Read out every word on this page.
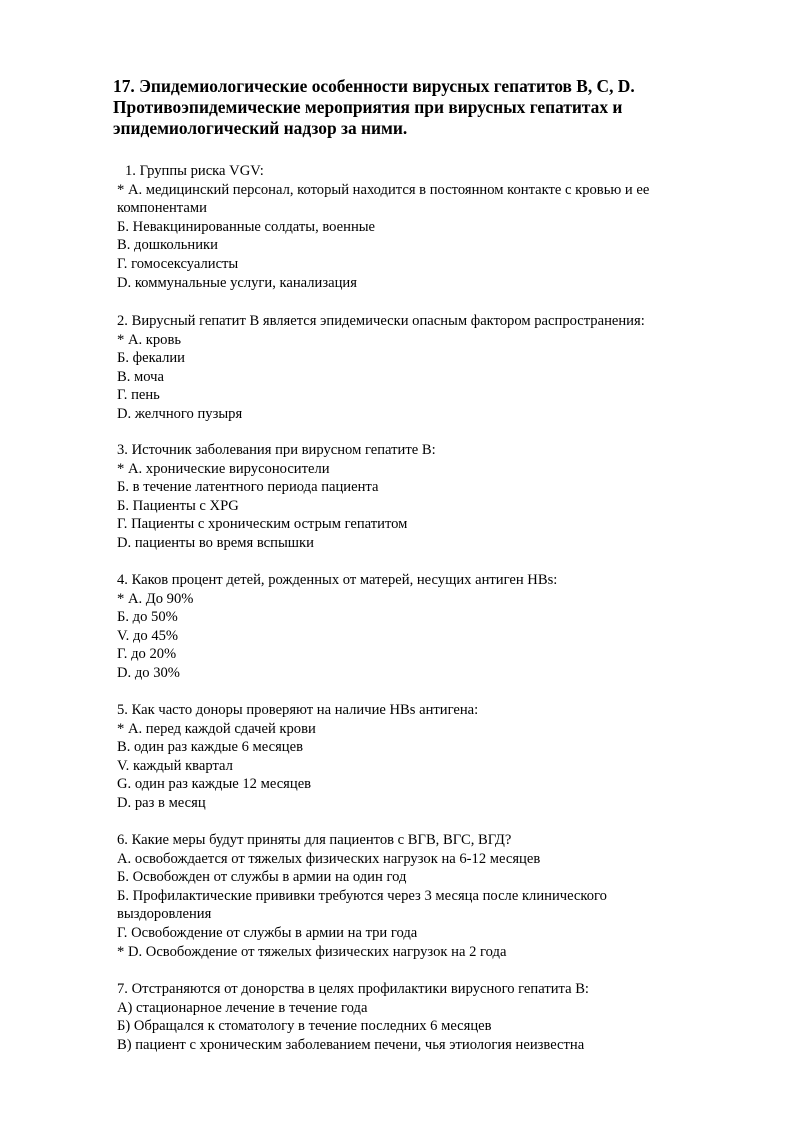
17. Эпидемиологические особенности вирусных гепатитов B, C, D.
Противоэпидемические мероприятия при вирусных гепатитах и
эпидемиологический надзор за ними.
1. Группы риска VGV:
* А. медицинский персонал, который находится в постоянном контакте с кровью и ее
компонентами
Б. Невакцинированные солдаты, военные
В. дошкольники
Г. гомосексуалисты
D. коммунальные услуги, канализация
2. Вирусный гепатит В является эпидемически опасным фактором распространения:
* А. кровь
Б. фекалии
В. моча
Г. пень
D. желчного пузыря
3. Источник заболевания при вирусном гепатите В:
* А. хронические вирусоносители
Б. в течение латентного периода пациента
Б. Пациенты с ХРG
Г. Пациенты с хроническим острым гепатитом
D. пациенты во время вспышки
4. Каков процент детей, рожденных от матерей, несущих антиген HBs:
* А. До 90%
Б. до 50%
V. до 45%
Г. до 20%
D. до 30%
5. Как часто доноры проверяют на наличие HBs антигена:
* А. перед каждой сдачей крови
В. один раз каждые 6 месяцев
V. каждый квартал
G. один раз каждые 12 месяцев
D. раз в месяц
6. Какие меры будут приняты для пациентов с ВГВ, ВГС, ВГД?
А. освобождается от тяжелых физических нагрузок на 6-12 месяцев
Б. Освобожден от службы в армии на один год
Б. Профилактические прививки требуются через 3 месяца после клинического
выздоровления
Г. Освобождение от службы в армии на три года
* D. Освобождение от тяжелых физических нагрузок на 2 года
7. Отстраняются от донорства в целях профилактики вирусного гепатита В:
А) стационарное лечение в течение года
Б) Обращался к стоматологу в течение последних 6 месяцев
В) пациент с хроническим заболеванием печени, чья этиология неизвестна
